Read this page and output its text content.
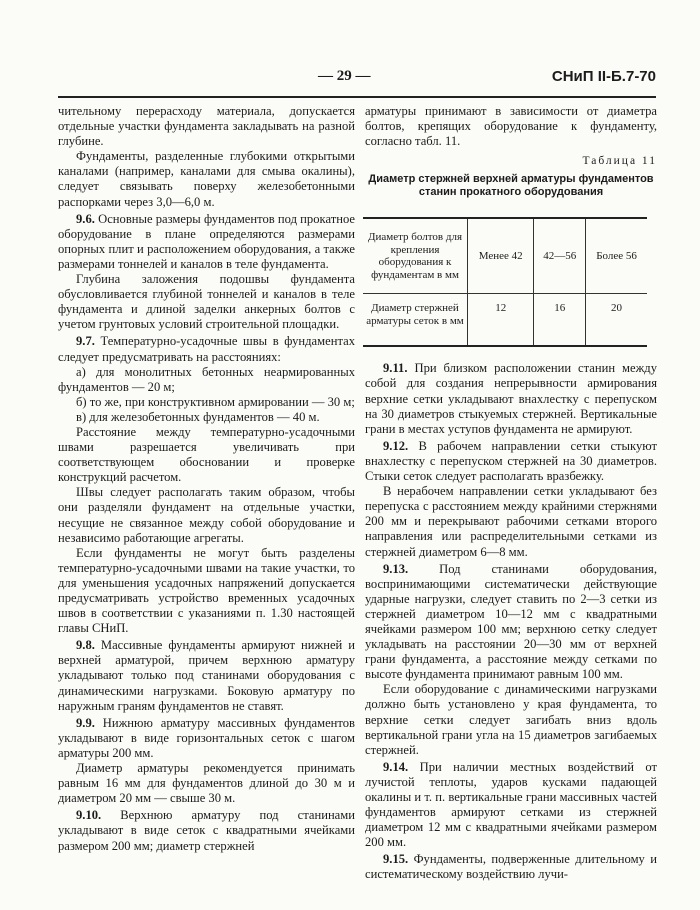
— 29 —	СНиП II-Б.7-70

чительному перерасходу материала, допускается отдельные участки фундамента закладывать на разной глубине.

Фундаменты, разделенные глубокими открытыми каналами (например, каналами для смыва окалины), следует связывать поверху железобетонными распорками через 3,0—6,0 м.

9.6. Основные размеры фундаментов под прокатное оборудование в плане определяются размерами опорных плит и расположением оборудования, а также размерами тоннелей и каналов в теле фундамента.

Глубина заложения подошвы фундамента обусловливается глубиной тоннелей и каналов в теле фундамента и длиной заделки анкерных болтов с учетом грунтовых условий строительной площадки.

9.7. Температурно-усадочные швы в фундаментах следует предусматривать на расстояниях:

а) для монолитных бетонных неармированных фундаментов — 20 м;

б) то же, при конструктивном армировании — 30 м;

в) для железобетонных фундаментов — 40 м.

Расстояние между температурно-усадочными швами разрешается увеличивать при соответствующем обосновании и проверке конструкций расчетом.

Швы следует располагать таким образом, чтобы они разделяли фундамент на отдельные участки, несущие не связанное между собой оборудование и независимо работающие агрегаты.

Если фундаменты не могут быть разделены температурно-усадочными швами на такие участки, то для уменьшения усадочных напряжений допускается предусматривать устройство временных усадочных швов в соответствии с указаниями п. 1.30 настоящей главы СНиП.

9.8. Массивные фундаменты армируют нижней и верхней арматурой, причем верхнюю арматуру укладывают только под станинами оборудования с динамическими нагрузками. Боковую арматуру по наружным граням фундаментов не ставят.

9.9. Нижнюю арматуру массивных фундаментов укладывают в виде горизонтальных сеток с шагом арматуры 200 мм.

Диаметр арматуры рекомендуется принимать равным 16 мм для фундаментов длиной до 30 м и диаметром 20 мм — свыше 30 м.

9.10. Верхнюю арматуру под станинами укладывают в виде сеток с квадратными ячейками размером 200 мм; диаметр стержней

арматуры принимают в зависимости от диаметра болтов, крепящих оборудование к фундаменту, согласно табл. 11.

Таблица 11
Диаметр стержней верхней арматуры фундаментов станин прокатного оборудования
Диаметр болтов для крепления оборудования к фундаментам в мм	Менее 42	42—56	Более 56
Диаметр стержней арматуры сеток в мм	12	16	20

9.11. При близком расположении станин между собой для создания непрерывности армирования верхние сетки укладывают внахлестку с перепуском на 30 диаметров стыкуемых стержней. Вертикальные грани в местах уступов фундамента не армируют.

9.12. В рабочем направлении сетки стыкуют внахлестку с перепуском стержней на 30 диаметров. Стыки сеток следует располагать вразбежку.

В нерабочем направлении сетки укладывают без перепуска с расстоянием между крайними стержнями 200 мм и перекрывают рабочими сетками второго направления или распределительными сетками из стержней диаметром 6—8 мм.

9.13. Под станинами оборудования, воспринимающими систематически действующие ударные нагрузки, следует ставить по 2—3 сетки из стержней диаметром 10—12 мм с квадратными ячейками размером 100 мм; верхнюю сетку следует укладывать на расстоянии 20—30 мм от верхней грани фундамента, а расстояние между сетками по высоте фундамента принимают равным 100 мм.

Если оборудование с динамическими нагрузками должно быть установлено у края фундамента, то верхние сетки следует загибать вниз вдоль вертикальной грани угла на 15 диаметров загибаемых стержней.

9.14. При наличии местных воздействий от лучистой теплоты, ударов кусками падающей окалины и т. п. вертикальные грани массивных частей фундаментов армируют сетками из стержней диаметром 12 мм с квадратными ячейками размером 200 мм.

9.15. Фундаменты, подверженные длительному и систематическому воздействию лучи-
